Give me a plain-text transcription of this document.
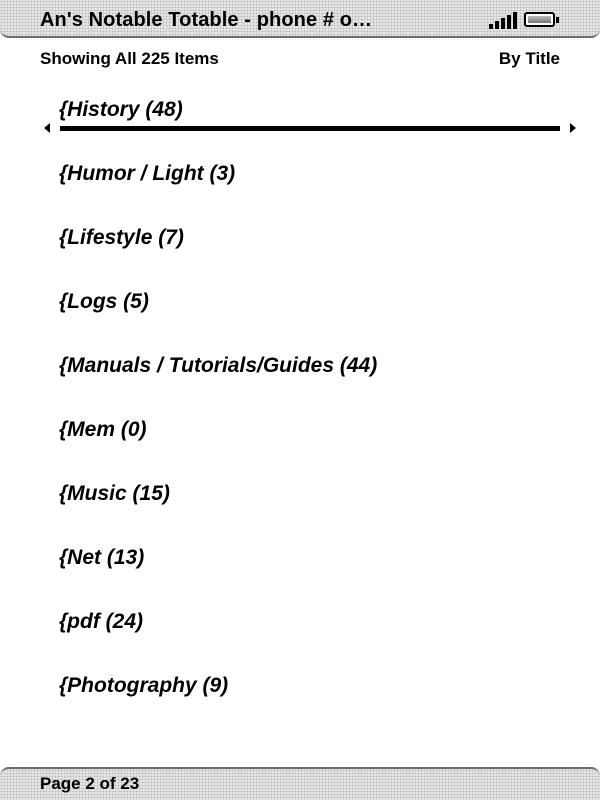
An's Notable Totable - phone # o…
Showing All 225 Items	By Title
{History (48)
{Humor / Light (3)
{Lifestyle (7)
{Logs (5)
{Manuals / Tutorials/Guides (44)
{Mem (0)
{Music (15)
{Net (13)
{pdf (24)
{Photography (9)
Page 2 of 23
